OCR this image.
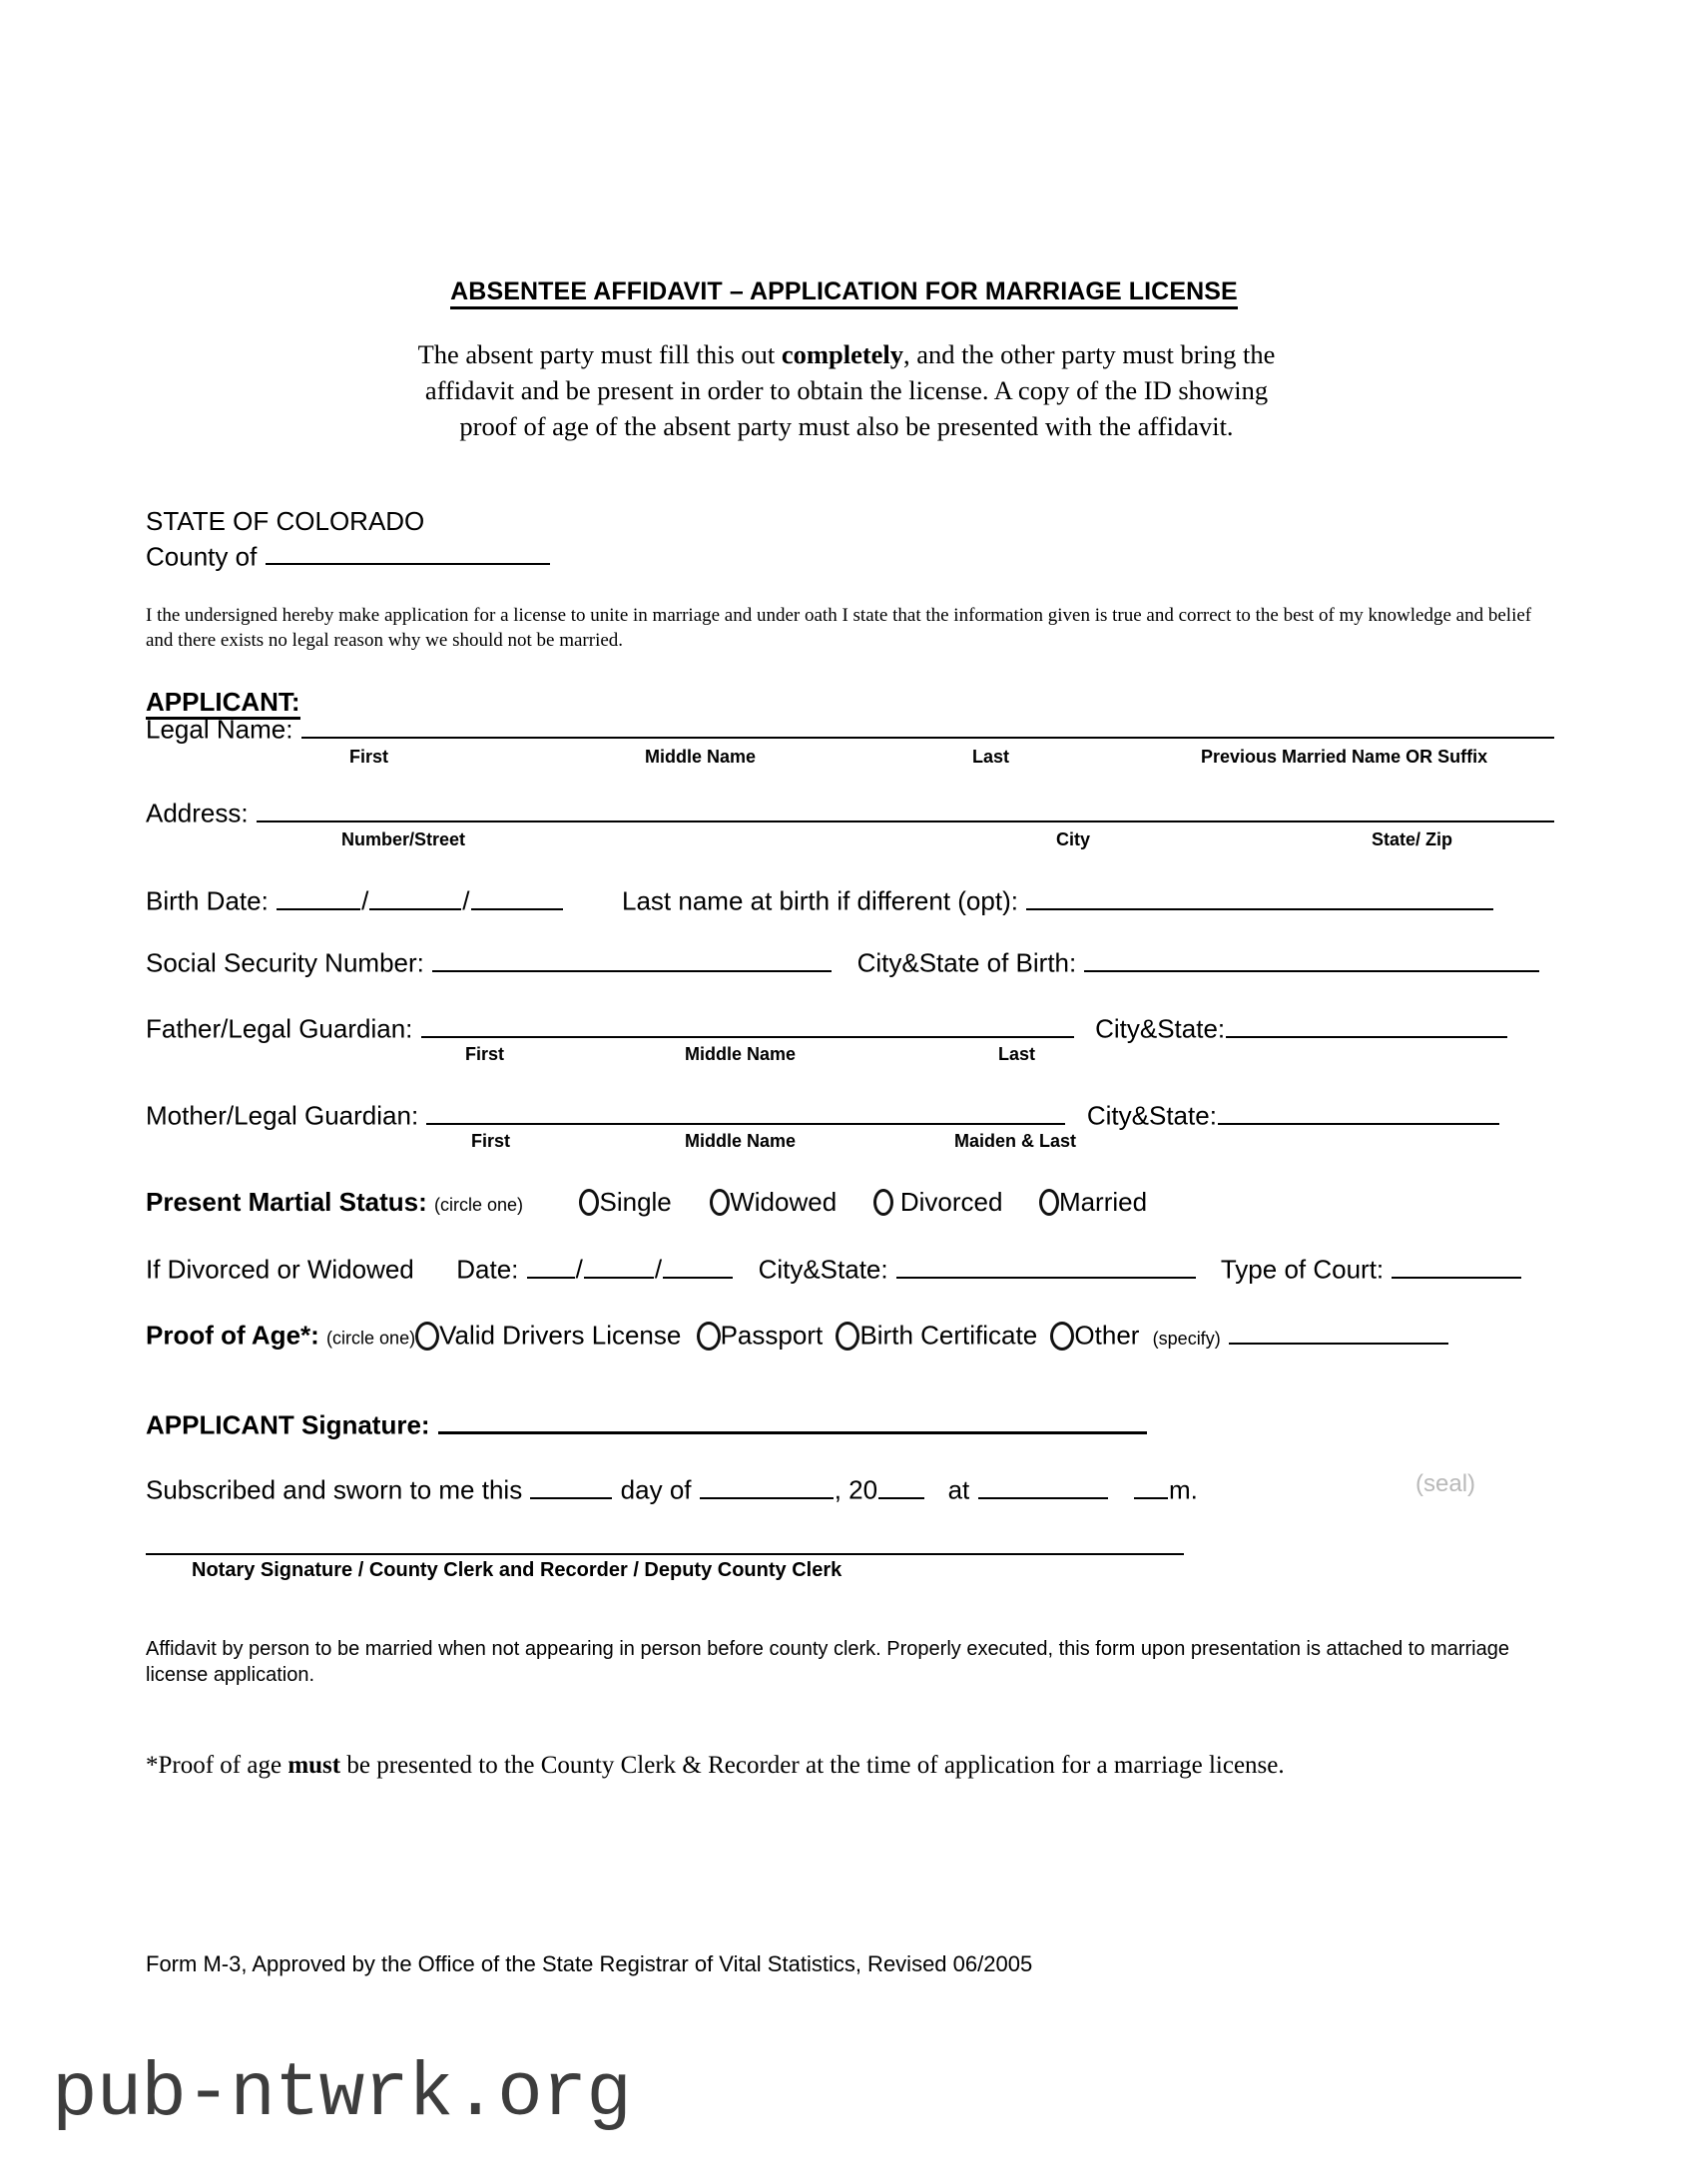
ABSENTEE AFFIDAVIT – APPLICATION FOR MARRIAGE LICENSE
The absent party must fill this out completely, and the other party must bring the affidavit and be present in order to obtain the license. A copy of the ID showing proof of age of the absent party must also be presented with the affidavit.
STATE OF COLORADO
County of
I the undersigned hereby make application for a license to unite in marriage and under oath I state that the information given is true and correct to the best of my knowledge and belief and there exists no legal reason why we should not be married.
APPLICANT:
Legal Name:
First	Middle Name	Last	Previous Married Name OR Suffix
Address:
Number/Street	City	State/ Zip
Birth Date:	/	/	Last name at birth if different (opt):
Social Security Number:	City&State of Birth:
Father/Legal Guardian:	City&State:
First	Middle Name	Last
Mother/Legal Guardian:	City&State:
First	Middle Name	Maiden & Last
Present Martial Status: (circle one)	Single Widowed Divorced Married
If Divorced or Widowed Date: /	/	City&State:	Type of Court:
Proof of Age*: (circle one) Valid Drivers License Passport Birth Certificate Other (specify)
APPLICANT Signature:
Subscribed and sworn to me this	day of	, 20	at	m.	(seal)
Notary Signature / County Clerk and Recorder / Deputy County Clerk
Affidavit by person to be married when not appearing in person before county clerk. Properly executed, this form upon presentation is attached to marriage license application.
*Proof of age must be presented to the County Clerk & Recorder at the time of application for a marriage license.
Form M-3, Approved by the Office of the State Registrar of Vital Statistics, Revised 06/2005
pub-ntwrk.org
